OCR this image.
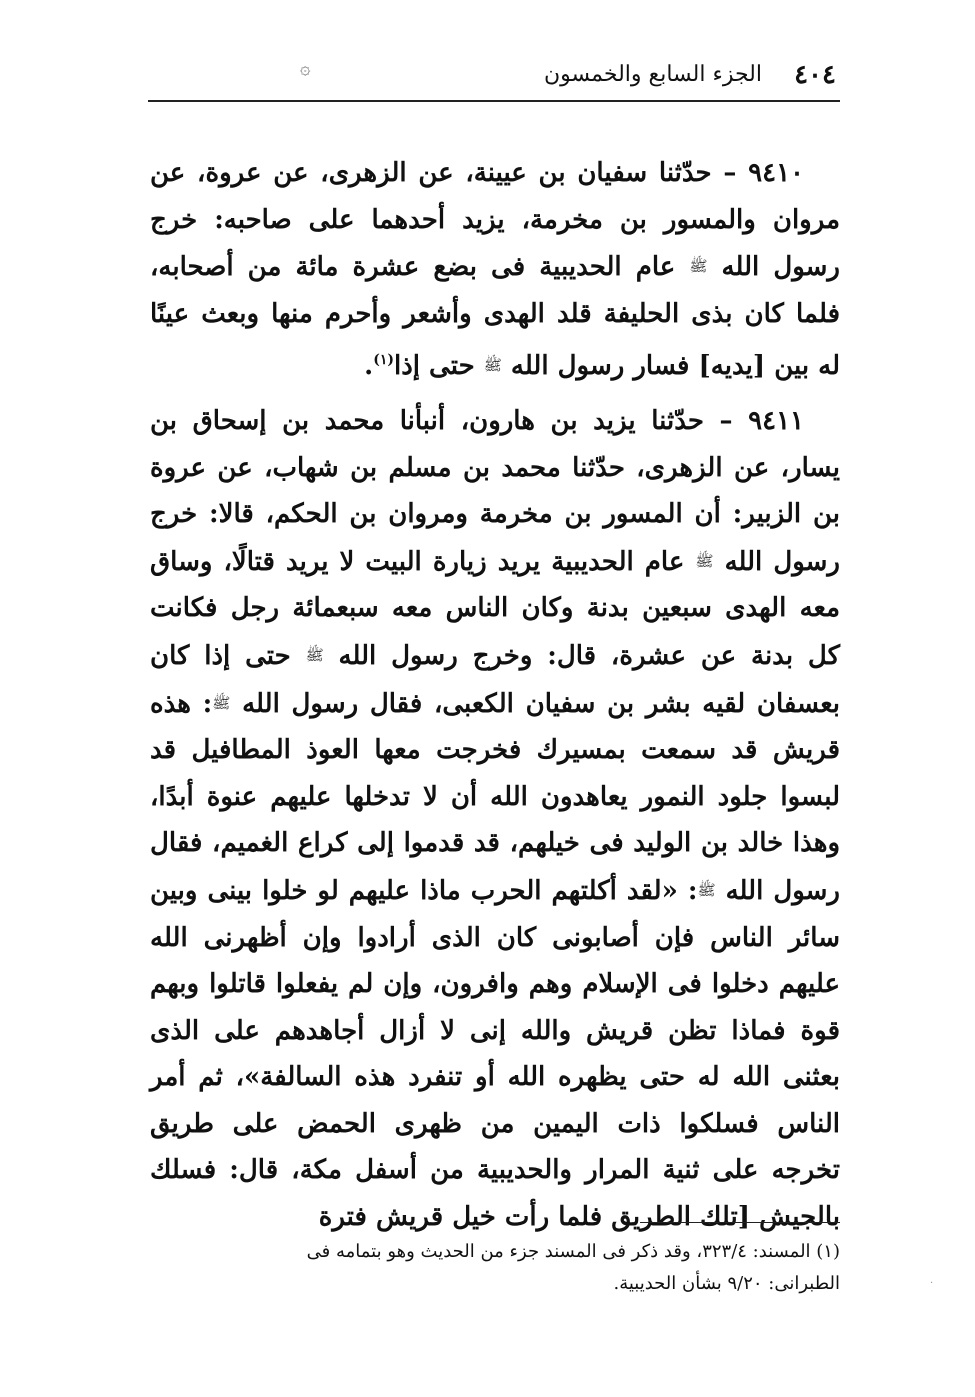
٤٠٤
الجزء السابع والخمسون
۞

٩٤١٠ – حدّثنا سفيان بن عيينة، عن الزهرى، عن عروة، عن مروان والمسور بن مخرمة، يزيد أحدهما على صاحبه: خرج رسول الله ﷺ عام الحديبية فى بضع عشرة مائة من أصحابه، فلما كان بذى الحليفة قلد الهدى وأشعر وأحرم منها وبعث عينًا له بين [يديه] فسار رسول الله ﷺ حتى إذا$^{(١)}$.

٩٤١١ – حدّثنا يزيد بن هارون، أنبأنا محمد بن إسحاق بن يسار، عن الزهرى، حدّثنا محمد بن مسلم بن شهاب، عن عروة بن الزبير: أن المسور بن مخرمة ومروان بن الحكم، قالا: خرج رسول الله ﷺ عام الحديبية يريد زيارة البيت لا يريد قتالًا، وساق معه الهدى سبعين بدنة وكان الناس معه سبعمائة رجل فكانت كل بدنة عن عشرة، قال: وخرج رسول الله ﷺ حتى إذا كان بعسفان لقيه بشر بن سفيان الكعبى، فقال رسول الله ﷺ: هذه قريش قد سمعت بمسيرك فخرجت معها العوذ المطافيل قد لبسوا جلود النمور يعاهدون الله أن لا تدخلها عليهم عنوة أبدًا، وهذا خالد بن الوليد فى خيلهم، قد قدموا إلى كراع الغميم، فقال رسول الله ﷺ: «لقد أكلتهم الحرب ماذا عليهم لو خلوا بينى وبين سائر الناس فإن أصابونى كان الذى أرادوا وإن أظهرنى الله عليهم دخلوا فى الإسلام وهم وافرون، وإن لم يفعلوا قاتلوا وبهم قوة فماذا تظن قريش والله إنى لا أزال أجاهدهم على الذى بعثنى الله له حتى يظهره الله أو تنفرد هذه السالفة»، ثم أمر الناس فسلكوا ذات اليمين من ظهرى الحمض على طريق تخرجه على ثنية المرار والحديبية من أسفل مكة، قال: فسلك بالجيش [تلك الطريق فلما رأت خيل قريش فترة

(١) المسند: ٣٢٣/٤، وقد ذكر فى المسند جزء من الحديث وهو بتمامه فى

الطبرانى: ٩/٢٠ بشأن الحديبية.	·
